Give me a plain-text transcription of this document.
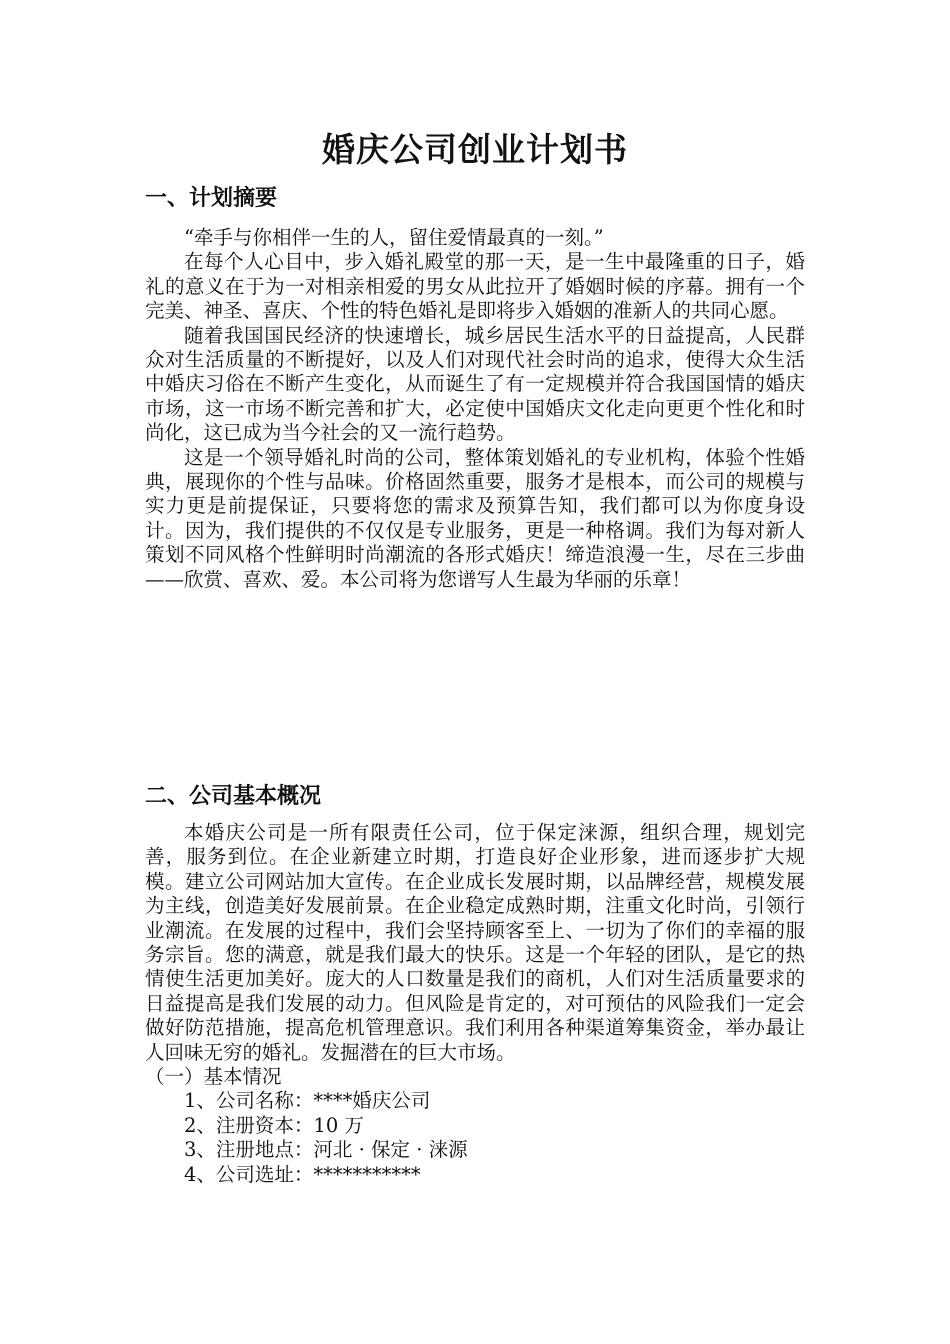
婚庆公司创业计划书
一、计划摘要

“牵手与你相伴一生的人，留住爱情最真的一刻。”

在每个人心目中，步入婚礼殿堂的那一天，是一生中最隆重的日子，婚礼的意义在于为一对相亲相爱的男女从此拉开了婚姻时候的序幕。拥有一个完美、神圣、喜庆、个性的特色婚礼是即将步入婚姻的准新人的共同心愿。

随着我国国民经济的快速增长，城乡居民生活水平的日益提高，人民群众对生活质量的不断提好，以及人们对现代社会时尚的追求，使得大众生活中婚庆习俗在不断产生变化，从而诞生了有一定规模并符合我国国情的婚庆市场，这一市场不断完善和扩大，必定使中国婚庆文化走向更更个性化和时尚化，这已成为当今社会的又一流行趋势。

这是一个领导婚礼时尚的公司，整体策划婚礼的专业机构，体验个性婚典，展现你的个性与品味。价格固然重要，服务才是根本，而公司的规模与实力更是前提保证，只要将您的需求及预算告知，我们都可以为你度身设计。因为，我们提供的不仅仅是专业服务，更是一种格调。我们为每对新人策划不同风格个性鲜明时尚潮流的各形式婚庆！缔造浪漫一生，尽在三步曲——欣赏、喜欢、爱。本公司将为您谱写人生最为华丽的乐章！

二、公司基本概况

本婚庆公司是一所有限责任公司，位于保定涞源，组织合理，规划完善，服务到位。在企业新建立时期，打造良好企业形象，进而逐步扩大规模。建立公司网站加大宣传。在企业成长发展时期，以品牌经营，规模发展为主线，创造美好发展前景。在企业稳定成熟时期，注重文化时尚，引领行业潮流。在发展的过程中，我们会坚持顾客至上、一切为了你们的幸福的服务宗旨。您的满意，就是我们最大的快乐。这是一个年轻的团队，是它的热情使生活更加美好。庞大的人口数量是我们的商机，人们对生活质量要求的日益提高是我们发展的动力。但风险是肯定的，对可预估的风险我们一定会做好防范措施，提高危机管理意识。我们利用各种渠道筹集资金，举办最让人回味无穷的婚礼。发掘潜在的巨大市场。

（一）基本情况

1、公司名称：****婚庆公司

2、注册资本：10 万

3、注册地点：河北 · 保定 · 涞源

4、公司选址：***********
